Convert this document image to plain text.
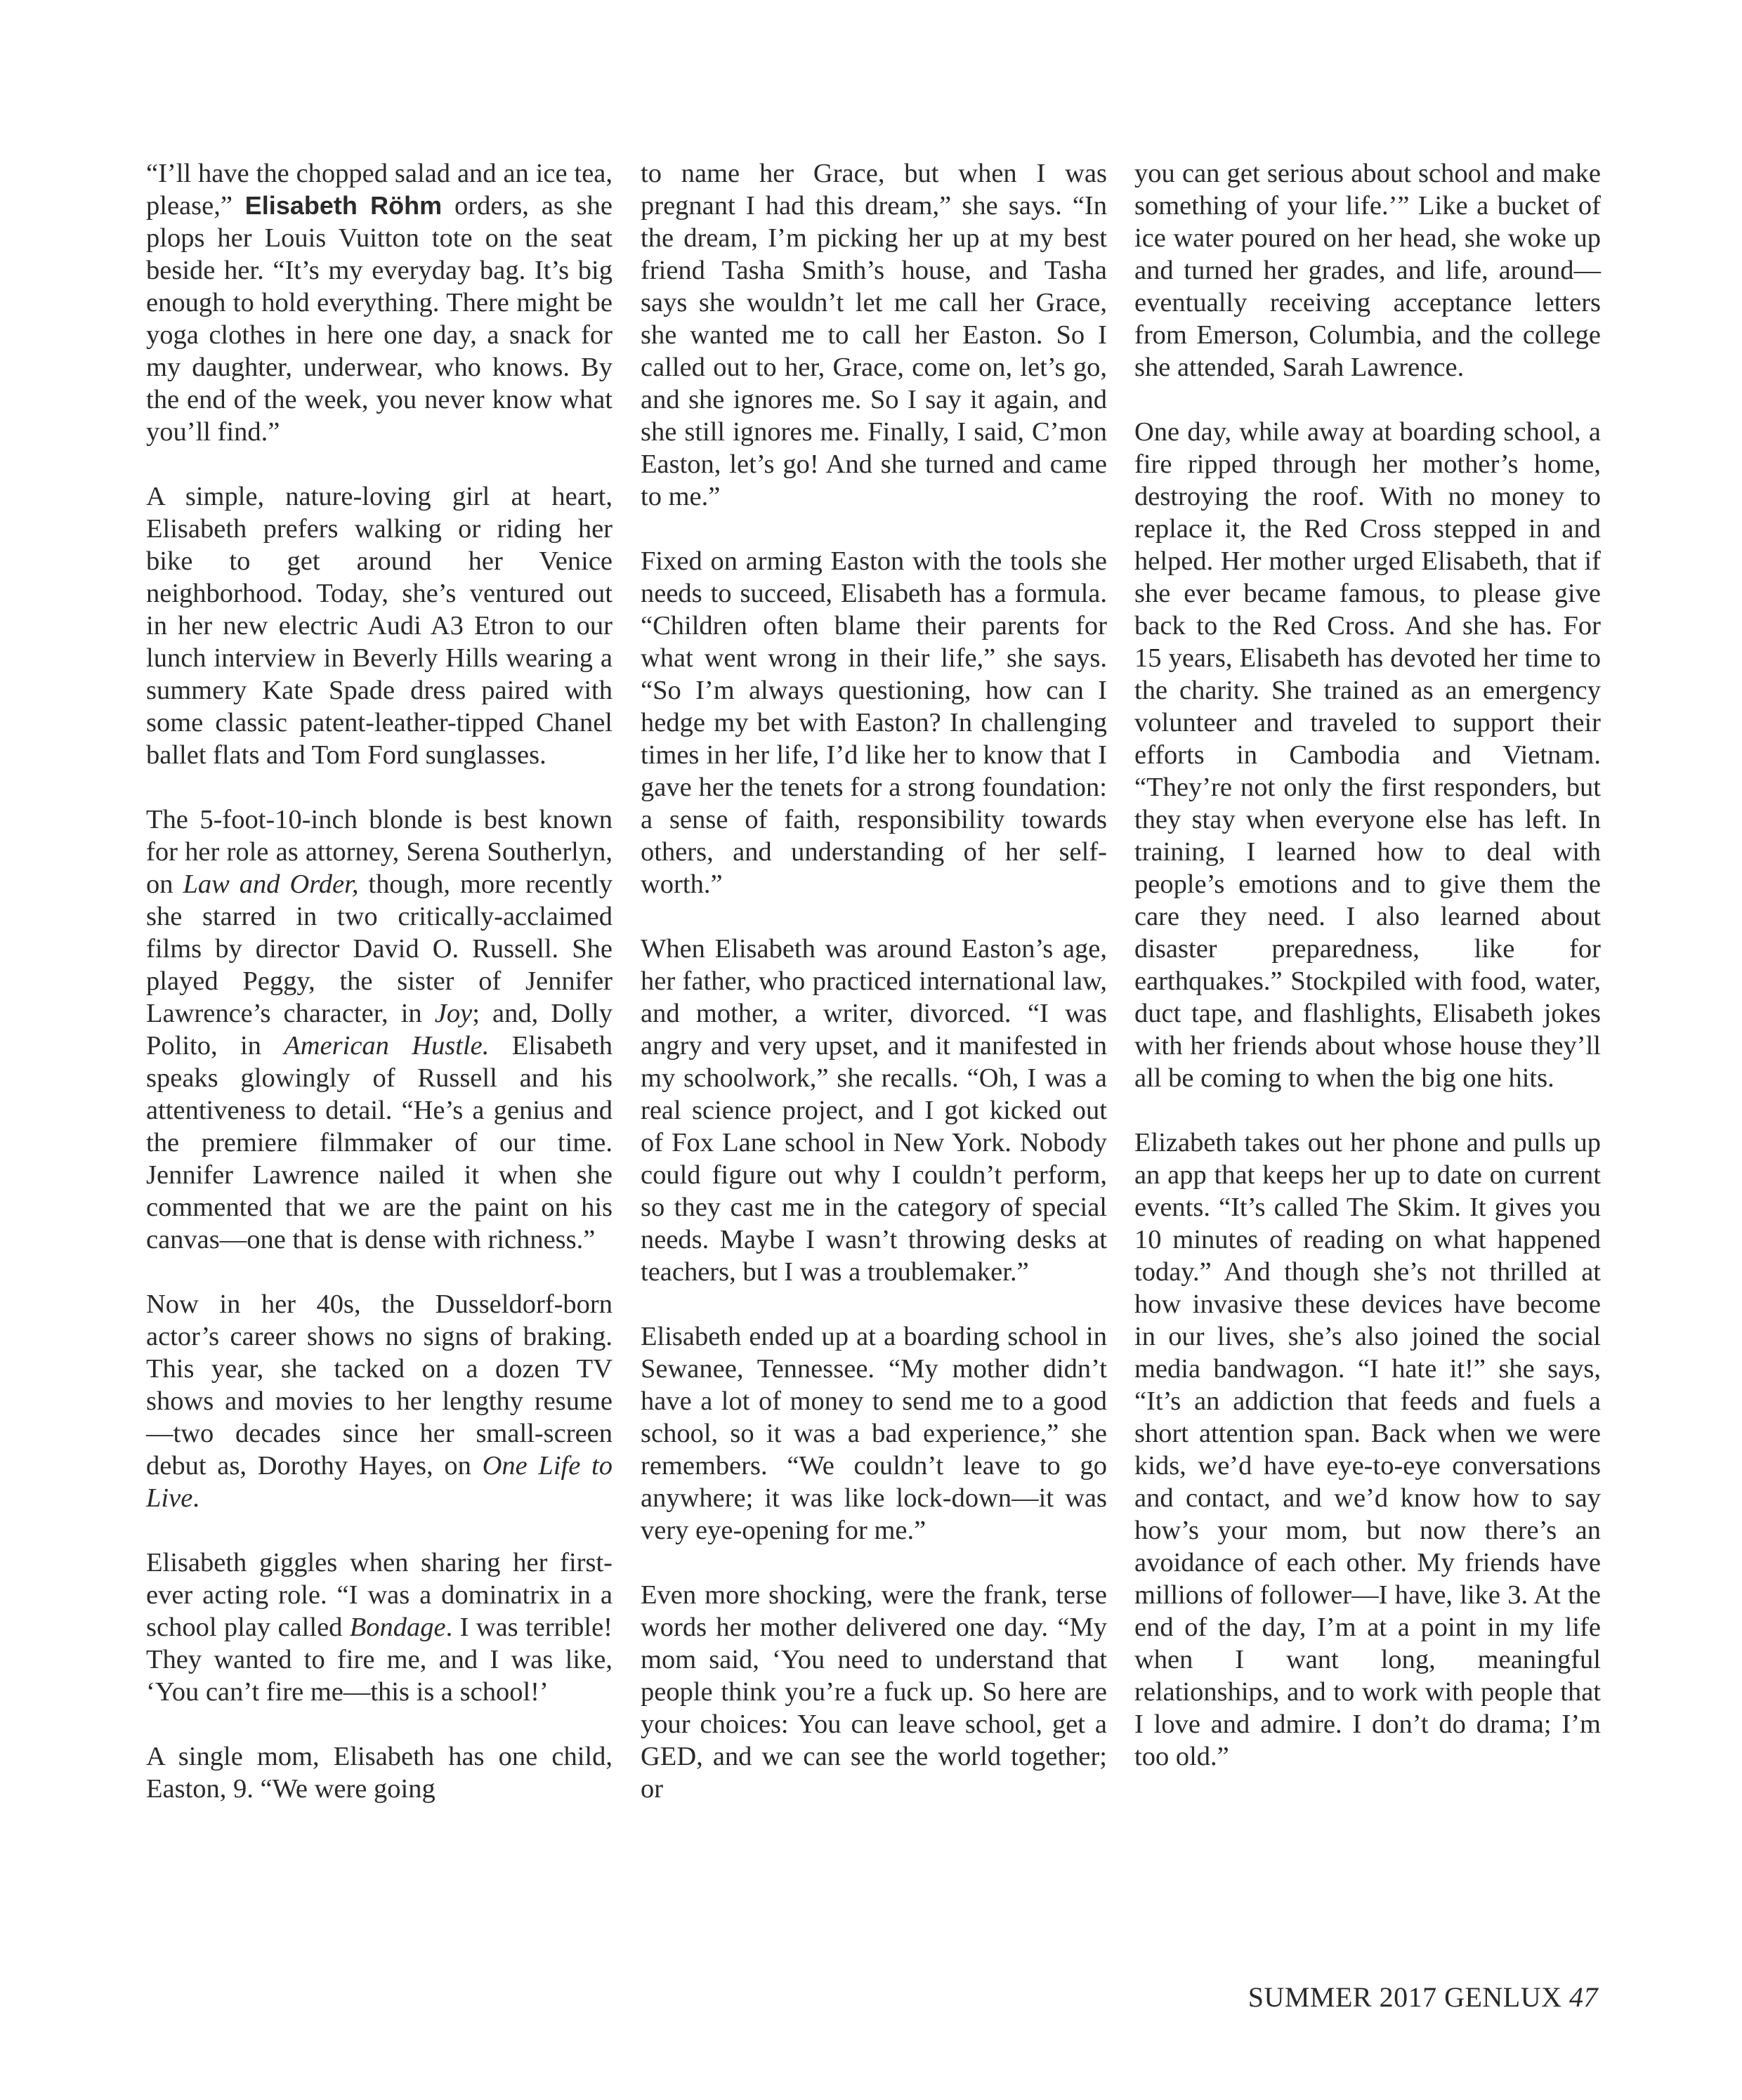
“I’ll have the chopped salad and an ice tea, please,” Elisabeth Röhm orders, as she plops her Louis Vuitton tote on the seat beside her. “It’s my everyday bag. It’s big enough to hold everything. There might be yoga clothes in here one day, a snack for my daughter, underwear, who knows. By the end of the week, you never know what you’ll find.”

A simple, nature-loving girl at heart, Elisabeth prefers walking or riding her bike to get around her Venice neighborhood. Today, she’s ventured out in her new electric Audi A3 Etron to our lunch interview in Beverly Hills wearing a summery Kate Spade dress paired with some classic patent-leather-tipped Chanel ballet flats and Tom Ford sunglasses.

The 5-foot-10-inch blonde is best known for her role as attorney, Serena Southerlyn, on Law and Order, though, more recently she starred in two critically-acclaimed films by director David O. Russell. She played Peggy, the sister of Jennifer Lawrence’s character, in Joy; and, Dolly Polito, in American Hustle. Elisabeth speaks glowingly of Russell and his attentiveness to detail. “He’s a genius and the premiere filmmaker of our time. Jennifer Lawrence nailed it when she commented that we are the paint on his canvas—one that is dense with richness.”

Now in her 40s, the Dusseldorf-born actor’s career shows no signs of braking. This year, she tacked on a dozen TV shows and movies to her lengthy resume—two decades since her small-screen debut as, Dorothy Hayes, on One Life to Live.

Elisabeth giggles when sharing her first-ever acting role. “I was a dominatrix in a school play called Bondage. I was terrible! They wanted to fire me, and I was like, ‘You can’t fire me—this is a school!’

A single mom, Elisabeth has one child, Easton, 9. “We were going

to name her Grace, but when I was pregnant I had this dream,” she says. “In the dream, I’m picking her up at my best friend Tasha Smith’s house, and Tasha says she wouldn’t let me call her Grace, she wanted me to call her Easton. So I called out to her, Grace, come on, let’s go, and she ignores me. So I say it again, and she still ignores me. Finally, I said, C’mon Easton, let’s go! And she turned and came to me.”

Fixed on arming Easton with the tools she needs to succeed, Elisabeth has a formula. “Children often blame their parents for what went wrong in their life,” she says. “So I’m always questioning, how can I hedge my bet with Easton? In challenging times in her life, I’d like her to know that I gave her the tenets for a strong foundation: a sense of faith, responsibility towards others, and understanding of her self-worth.”

When Elisabeth was around Easton’s age, her father, who practiced international law, and mother, a writer, divorced. “I was angry and very upset, and it manifested in my schoolwork,” she recalls. “Oh, I was a real science project, and I got kicked out of Fox Lane school in New York. Nobody could figure out why I couldn’t perform, so they cast me in the category of special needs. Maybe I wasn’t throwing desks at teachers, but I was a troublemaker.”

Elisabeth ended up at a boarding school in Sewanee, Tennessee. “My mother didn’t have a lot of money to send me to a good school, so it was a bad experience,” she remembers. “We couldn’t leave to go anywhere; it was like lock-down—it was very eye-opening for me.”

Even more shocking, were the frank, terse words her mother delivered one day. “My mom said, ‘You need to understand that people think you’re a fuck up. So here are your choices: You can leave school, get a GED, and we can see the world together; or

you can get serious about school and make something of your life.’” Like a bucket of ice water poured on her head, she woke up and turned her grades, and life, around—eventually receiving acceptance letters from Emerson, Columbia, and the college she attended, Sarah Lawrence.

One day, while away at boarding school, a fire ripped through her mother’s home, destroying the roof. With no money to replace it, the Red Cross stepped in and helped. Her mother urged Elisabeth, that if she ever became famous, to please give back to the Red Cross. And she has. For 15 years, Elisabeth has devoted her time to the charity. She trained as an emergency volunteer and traveled to support their efforts in Cambodia and Vietnam. “They’re not only the first responders, but they stay when everyone else has left. In training, I learned how to deal with people’s emotions and to give them the care they need. I also learned about disaster preparedness, like for earthquakes.” Stockpiled with food, water, duct tape, and flashlights, Elisabeth jokes with her friends about whose house they’ll all be coming to when the big one hits.

Elizabeth takes out her phone and pulls up an app that keeps her up to date on current events. “It’s called The Skim. It gives you 10 minutes of reading on what happened today.” And though she’s not thrilled at how invasive these devices have become in our lives, she’s also joined the social media bandwagon. “I hate it!” she says, “It’s an addiction that feeds and fuels a short attention span. Back when we were kids, we’d have eye-to-eye conversations and contact, and we’d know how to say how’s your mom, but now there’s an avoidance of each other. My friends have millions of follower—I have, like 3. At the end of the day, I’m at a point in my life when I want long, meaningful relationships, and to work with people that I love and admire. I don’t do drama; I’m too old.”

SUMMER 2017 GENLUX 47
